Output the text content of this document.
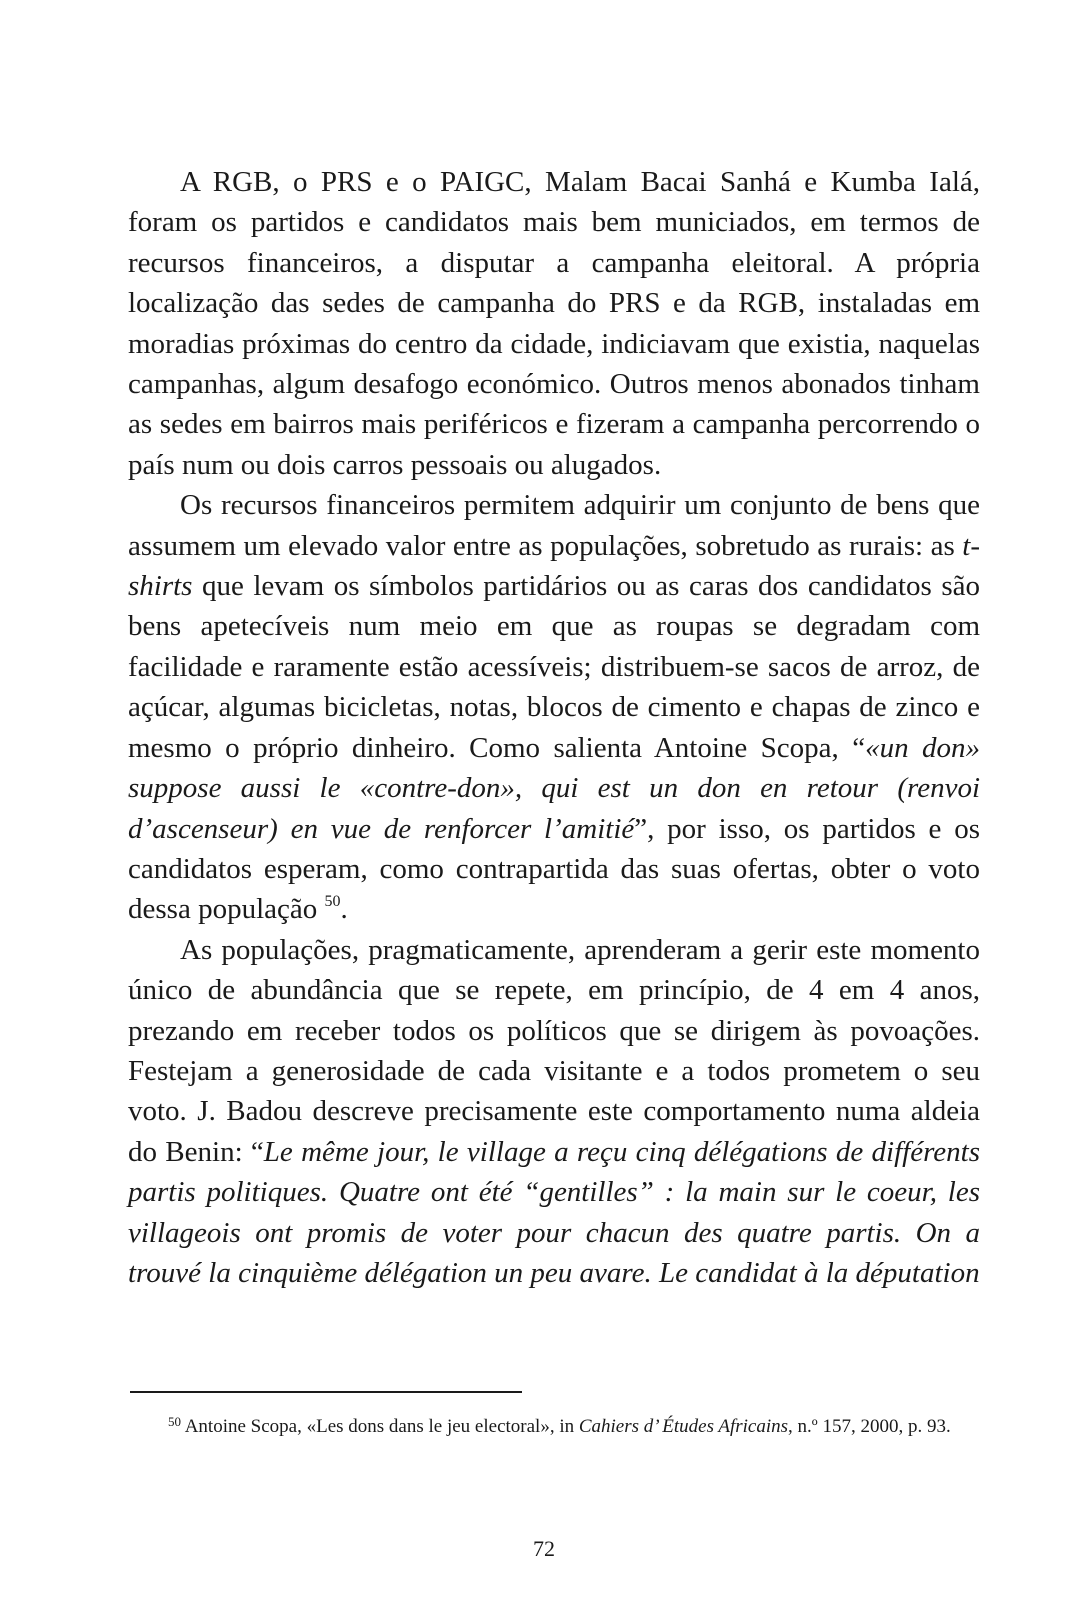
A RGB, o PRS e o PAIGC, Malam Bacai Sanhá e Kumba Ialá, foram os partidos e candidatos mais bem municiados, em termos de recursos financeiros, a disputar a campanha eleitoral. A própria localização das sedes de campanha do PRS e da RGB, instaladas em moradias próximas do centro da cidade, indiciavam que existia, naquelas campanhas, algum desafogo económico. Outros menos abonados tinham as sedes em bairros mais periféricos e fizeram a campanha percorrendo o país num ou dois carros pessoais ou alugados.

Os recursos financeiros permitem adquirir um conjunto de bens que assumem um elevado valor entre as populações, sobretudo as rurais: as t-shirts que levam os símbolos partidários ou as caras dos candidatos são bens apetecíveis num meio em que as roupas se degradam com facilidade e raramente estão acessíveis; distribuem-se sacos de arroz, de açúcar, algumas bicicletas, notas, blocos de cimento e chapas de zinco e mesmo o próprio dinheiro. Como salienta Antoine Scopa, “«un don» suppose aussi le «contre-don», qui est un don en retour (renvoi d’ascenseur) en vue de renforcer l’amitié”, por isso, os partidos e os candidatos esperam, como contrapartida das suas ofertas, obter o voto dessa população $^{50}$.

As populações, pragmaticamente, aprenderam a gerir este momento único de abundância que se repete, em princípio, de 4 em 4 anos, prezando em receber todos os políticos que se dirigem às povoações. Festejam a generosidade de cada visitante e a todos prometem o seu voto. J. Badou descreve precisamente este comportamento numa aldeia do Benin: “Le même jour, le village a reçu cinq délégations de différents partis politiques. Quatre ont été “gentilles” : la main sur le coeur, les villageois ont promis de voter pour chacun des quatre partis. On a trouvé la cinquième délégation un peu avare. Le candidat à la députation

$^{50}$ Antoine Scopa, «Les dons dans le jeu electoral», in Cahiers d’ Études Africains, n.º 157, 2000, p. 93.
72
